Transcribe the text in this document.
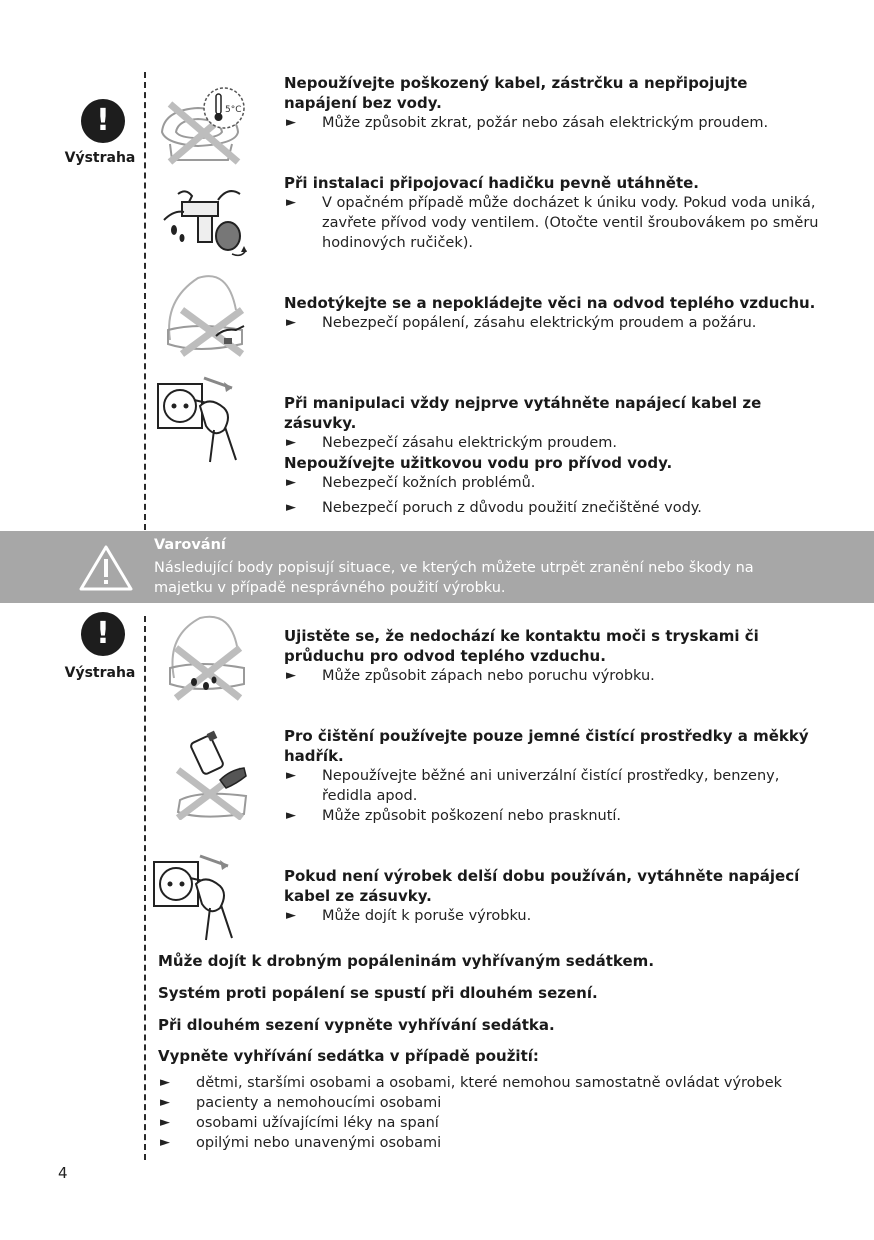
!
Výstraha
5°C
Nepoužívejte poškozený kabel, zástrčku a nepřipojujte napájení bez vody.
► Může způsobit zkrat, požár nebo zásah elektrickým proudem.
Při instalaci připojovací hadičku pevně utáhněte.
► V opačném případě může docházet k úniku vody. Pokud voda uniká, zavřete přívod vody ventilem. (Otočte ventil šroubovákem po směru hodinových ručiček).
Nedotýkejte se a nepokládejte věci na odvod teplého vzduchu.
► Nebezpečí popálení, zásahu elektrickým proudem a požáru.
Při manipulaci vždy nejprve vytáhněte napájecí kabel ze zásuvky.
► Nebezpečí zásahu elektrickým proudem.
Nepoužívejte užitkovou vodu pro přívod vody.
► Nebezpečí kožních problémů.
► Nebezpečí poruch z důvodu použití znečištěné vody.
Varování
Následující body popisují situace, ve kterých můžete utrpět zranění nebo škody na majetku v případě nesprávného použití výrobku.
!
Výstraha
Ujistěte se, že nedochází ke kontaktu moči s tryskami či průduchu pro odvod teplého vzduchu.
► Může způsobit zápach nebo poruchu výrobku.
Pro čištění používejte pouze jemné čistící prostředky a měkký hadřík.
► Nepoužívejte běžné ani univerzální čistící prostředky, benzeny, ředidla apod.
► Může způsobit poškození nebo prasknutí.
Pokud není výrobek delší dobu používán, vytáhněte napájecí kabel ze zásuvky.
► Může dojít k poruše výrobku.
Může dojít k drobným popáleninám vyhřívaným sedátkem.
Systém proti popálení se spustí při dlouhém sezení.
Při dlouhém sezení vypněte vyhřívání sedátka.
Vypněte vyhřívání sedátka v případě použití:
► dětmi, staršími osobami a osobami, které nemohou samostatně ovládat výrobek
► pacienty a nemohoucími osobami
► osobami užívajícími léky na spaní
► opilými nebo unavenými osobami
4
